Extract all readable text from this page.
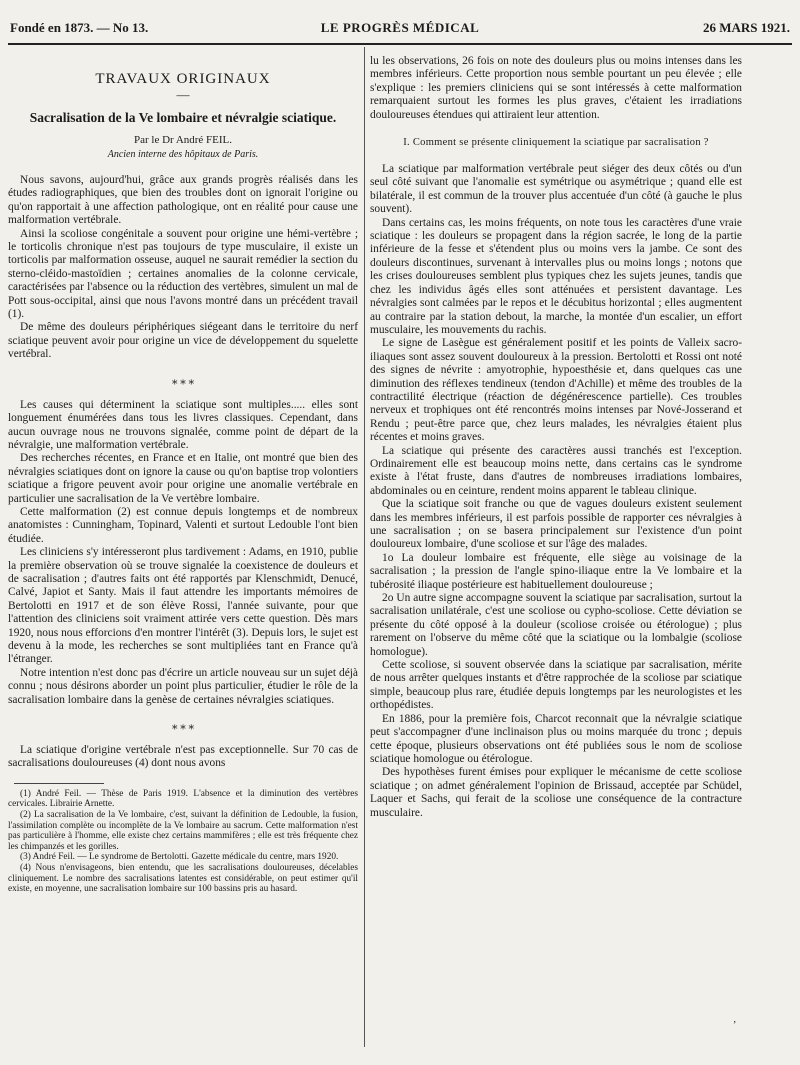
Fondé en 1873. — No 13.	LE PROGRÈS MÉDICAL	26 MARS 1921.
TRAVAUX ORIGINAUX
—
Sacralisation de la Ve lombaire et névralgie sciatique.
Par le Dr André FEIL.
Ancien interne des hôpitaux de Paris.

Nous savons, aujourd'hui, grâce aux grands progrès réalisés dans les études radiographiques, que bien des troubles dont on ignorait l'origine ou qu'on rapportait à une affection pathologique, ont en réalité pour cause une malformation vertébrale.

Ainsi la scoliose congénitale a souvent pour origine une hémi-vertèbre ; le torticolis chronique n'est pas toujours de type musculaire, il existe un torticolis par malformation osseuse, auquel ne saurait remédier la section du sterno-cléido-mastoïdien ; certaines anomalies de la colonne cervicale, caractérisées par l'absence ou la réduction des vertèbres, simulent un mal de Pott sous-occipital, ainsi que nous l'avons montré dans un précédent travail (1).

De même des douleurs périphériques siégeant dans le territoire du nerf sciatique peuvent avoir pour origine un vice de développement du squelette vertébral.

⁎ ⁎ ⁎

Les causes qui déterminent la sciatique sont multiples..... elles sont longuement énumérées dans tous les livres classiques. Cependant, dans aucun ouvrage nous ne trouvons signalée, comme point de départ de la névralgie, une malformation vertébrale.

Des recherches récentes, en France et en Italie, ont montré que bien des névralgies sciatiques dont on ignore la cause ou qu'on baptise trop volontiers sciatique a frigore peuvent avoir pour origine une anomalie vertébrale en particulier une sacralisation de la Ve vertèbre lombaire.

Cette malformation (2) est connue depuis longtemps et de nombreux anatomistes : Cunningham, Topinard, Valenti et surtout Ledouble l'ont bien étudiée.

Les cliniciens s'y intéresseront plus tardivement : Adams, en 1910, publie la première observation où se trouve signalée la coexistence de douleurs et de sacralisation ; d'autres faits ont été rapportés par Klenschmidt, Denucé, Calvé, Japiot et Santy. Mais il faut attendre les importants mémoires de Bertolotti en 1917 et de son élève Rossi, l'année suivante, pour que l'attention des cliniciens soit vraiment attirée vers cette question. Dès mars 1920, nous nous efforcions d'en montrer l'intérêt (3). Depuis lors, le sujet est devenu à la mode, les recherches se sont multipliées tant en France qu'à l'étranger.

Notre intention n'est donc pas d'écrire un article nouveau sur un sujet déjà connu ; nous désirons aborder un point plus particulier, étudier le rôle de la sacralisation lombaire dans la genèse de certaines névralgies sciatiques.

⁎ ⁎ ⁎

La sciatique d'origine vertébrale n'est pas exceptionnelle. Sur 70 cas de sacralisations douloureuses (4) dont nous avons

(1) André Feil. — Thèse de Paris 1919. L'absence et la diminution des vertèbres cervicales. Librairie Arnette.

(2) La sacralisation de la Ve lombaire, c'est, suivant la définition de Ledouble, la fusion, l'assimilation complète ou incomplète de la Ve lombaire au sacrum. Cette malformation n'est pas particulière à l'homme, elle existe chez certains mammifères ; elle est très fréquente chez les chimpanzés et les gorilles.

(3) André Feil. — Le syndrome de Bertolotti. Gazette médicale du centre, mars 1920.

(4) Nous n'envisageons, bien entendu, que les sacralisations douloureuses, décelables cliniquement. Le nombre des sacralisations latentes est considérable, on peut estimer qu'il existe, en moyenne, une sacralisation lombaire sur 100 bassins pris au hasard.

lu les observations, 26 fois on note des douleurs plus ou moins intenses dans les membres inférieurs. Cette proportion nous semble pourtant un peu élevée ; elle s'explique : les premiers cliniciens qui se sont intéressés à cette malformation remarquaient surtout les formes les plus graves, c'étaient les irradiations douloureuses étendues qui attiraient leur attention.

I. Comment se présente cliniquement la sciatique par sacralisation ?

La sciatique par malformation vertébrale peut siéger des deux côtés ou d'un seul côté suivant que l'anomalie est symétrique ou asymétrique ; quand elle est bilatérale, il est commun de la trouver plus accentuée d'un côté (à gauche le plus souvent).

Dans certains cas, les moins fréquents, on note tous les caractères d'une vraie sciatique : les douleurs se propagent dans la région sacrée, le long de la partie inférieure de la fesse et s'étendent plus ou moins vers la jambe. Ce sont des douleurs discontinues, survenant à intervalles plus ou moins longs ; notons que les crises douloureuses semblent plus typiques chez les sujets jeunes, tandis que chez les individus âgés elles sont atténuées et persistent davantage. Les névralgies sont calmées par le repos et le décubitus horizontal ; elles augmentent au contraire par la station debout, la marche, la montée d'un escalier, un effort musculaire, les mouvements du rachis.

Le signe de Lasègue est généralement positif et les points de Valleix sacro-iliaques sont assez souvent douloureux à la pression. Bertolotti et Rossi ont noté des signes de névrite : amyotrophie, hypoesthésie et, dans quelques cas une diminution des réflexes tendineux (tendon d'Achille) et même des troubles de la contractilité électrique (réaction de dégénérescence partielle). Ces troubles nerveux et trophiques ont été rencontrés moins intenses par Nové-Josserand et Rendu ; peut-être parce que, chez leurs malades, les névralgies étaient plus récentes et moins graves.

La sciatique qui présente des caractères aussi tranchés est l'exception. Ordinairement elle est beaucoup moins nette, dans certains cas le syndrome existe à l'état fruste, dans d'autres de nombreuses irradiations lombaires, abdominales ou en ceinture, rendent moins apparent le tableau clinique.

Que la sciatique soit franche ou que de vagues douleurs existent seulement dans les membres inférieurs, il est parfois possible de rapporter ces névralgies à une sacralisation ; on se basera principalement sur l'existence d'un point douloureux lombaire, d'une scoliose et sur l'âge des malades.

1o La douleur lombaire est fréquente, elle siège au voisinage de la sacralisation ; la pression de l'angle spino-iliaque entre la Ve lombaire et la tubérosité iliaque postérieure est habituellement douloureuse ;

2o Un autre signe accompagne souvent la sciatique par sacralisation, surtout la sacralisation unilatérale, c'est une scoliose ou cypho-scoliose. Cette déviation se présente du côté opposé à la douleur (scoliose croisée ou étérologue) ; plus rarement on l'observe du même côté que la sciatique ou la lombalgie (scoliose homologue).

Cette scoliose, si souvent observée dans la sciatique par sacralisation, mérite de nous arrêter quelques instants et d'être rapprochée de la scoliose par sciatique simple, beaucoup plus rare, étudiée depuis longtemps par les neurologistes et les orthopédistes.

En 1886, pour la première fois, Charcot reconnait que la névralgie sciatique peut s'accompagner d'une inclinaison plus ou moins marquée du tronc ; depuis cette époque, plusieurs observations ont été publiées sous le nom de scoliose sciatique homologue ou étérologue.

Des hypothèses furent émises pour expliquer le mécanisme de cette scoliose sciatique ; on admet généralement l'opinion de Brissaud, acceptée par Schüdel, Laquer et Sachs, qui ferait de la scoliose une conséquence de la contracture musculaire.

,
